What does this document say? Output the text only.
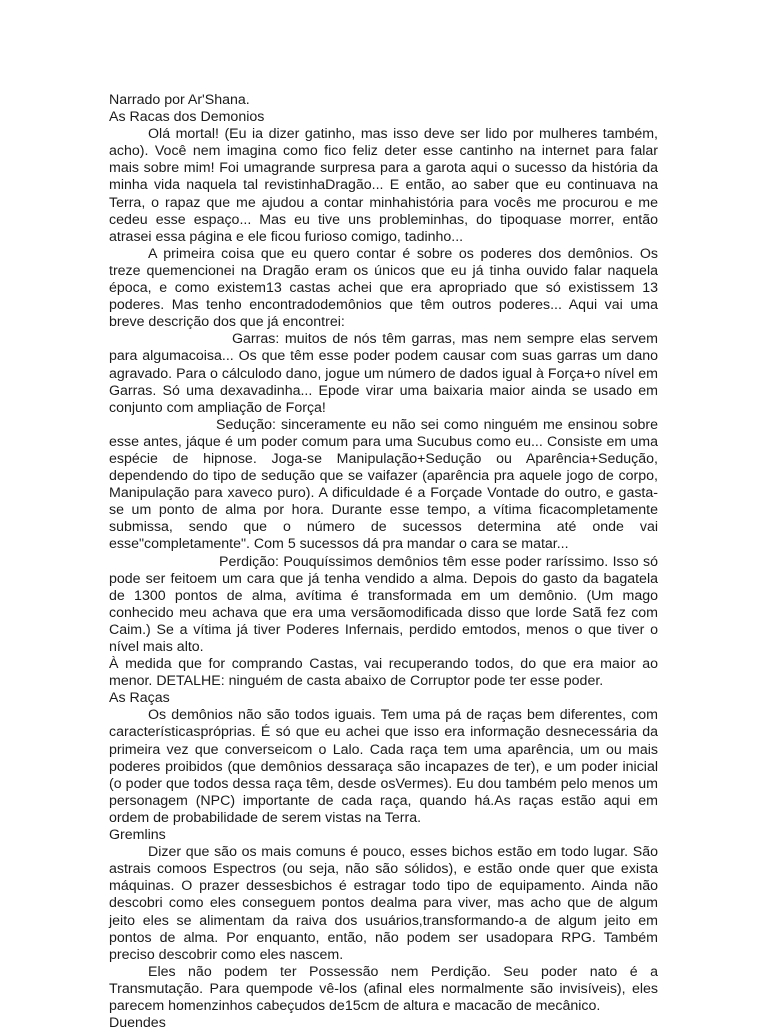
Narrado por Ar'Shana.

As Racas dos Demonios

Olá mortal! (Eu ia dizer gatinho, mas isso deve ser lido por mulheres também, acho). Você nem imagina como fico feliz deter esse cantinho na internet para falar mais sobre mim! Foi umagrande surpresa para a garota aqui o sucesso da história da minha vida naquela tal revistinhaDragão... E então, ao saber que eu continuava na Terra, o rapaz que me ajudou a contar minhahistória para vocês me procurou e me cedeu esse espaço... Mas eu tive uns probleminhas, do tipoquase morrer, então atrasei essa página e ele ficou furioso comigo, tadinho...

A primeira coisa que eu quero contar é sobre os poderes dos demônios. Os treze quemencionei na Dragão eram os únicos que eu já tinha ouvido falar naquela época, e como existem13 castas achei que era apropriado que só existissem 13 poderes. Mas tenho encontradodemônios que têm outros poderes... Aqui vai uma breve descrição dos que já encontrei:

Garras: muitos de nós têm garras, mas nem sempre elas servem para algumacoisa... Os que têm esse poder podem causar com suas garras um dano agravado. Para o cálculodo dano, jogue um número de dados igual à Força+o nível em Garras. Só uma dexavadinha... Epode virar uma baixaria maior ainda se usado em conjunto com ampliação de Força!

Sedução: sinceramente eu não sei como ninguém me ensinou sobre esse antes, jáque é um poder comum para uma Sucubus como eu... Consiste em uma espécie de hipnose. Joga-se Manipulação+Sedução ou Aparência+Sedução, dependendo do tipo de sedução que se vaifazer (aparência pra aquele jogo de corpo, Manipulação para xaveco puro). A dificuldade é a Forçade Vontade do outro, e gasta-se um ponto de alma por hora. Durante esse tempo, a vítima ficacompletamente submissa, sendo que o número de sucessos determina até onde vai esse"completamente". Com 5 sucessos dá pra mandar o cara se matar...

Perdição: Pouquíssimos demônios têm esse poder raríssimo. Isso só pode ser feitoem um cara que já tenha vendido a alma. Depois do gasto da bagatela de 1300 pontos de alma, avítima é transformada em um demônio. (Um mago conhecido meu achava que era uma versãomodificada disso que lorde Satã fez com Caim.) Se a vítima já tiver Poderes Infernais, perdido emtodos, menos o que tiver o nível mais alto.

À medida que for comprando Castas, vai recuperando todos, do que era maior ao menor. DETALHE: ninguém de casta abaixo de Corruptor pode ter esse poder.

As Raças

Os demônios não são todos iguais. Tem uma pá de raças bem diferentes, com característicaspróprias. É só que eu achei que isso era informação desnecessária da primeira vez que converseicom o Lalo. Cada raça tem uma aparência, um ou mais poderes proibidos (que demônios dessaraça são incapazes de ter), e um poder inicial (o poder que todos dessa raça têm, desde osVermes). Eu dou também pelo menos um personagem (NPC) importante de cada raça, quando há.As raças estão aqui em ordem de probabilidade de serem vistas na Terra.

Gremlins

Dizer que são os mais comuns é pouco, esses bichos estão em todo lugar. São astrais comoos Espectros (ou seja, não são sólidos), e estão onde quer que exista máquinas. O prazer dessesbichos é estragar todo tipo de equipamento. Ainda não descobri como eles conseguem pontos dealma para viver, mas acho que de algum jeito eles se alimentam da raiva dos usuários,transformando-a de algum jeito em pontos de alma. Por enquanto, então, não podem ser usadopara RPG. Também preciso descobrir como eles nascem.

Eles não podem ter Possessão nem Perdição. Seu poder nato é a Transmutação. Para quempode vê-los (afinal eles normalmente são invisíveis), eles parecem homenzinhos cabeçudos de15cm de altura e macacão de mecânico.

Duendes
